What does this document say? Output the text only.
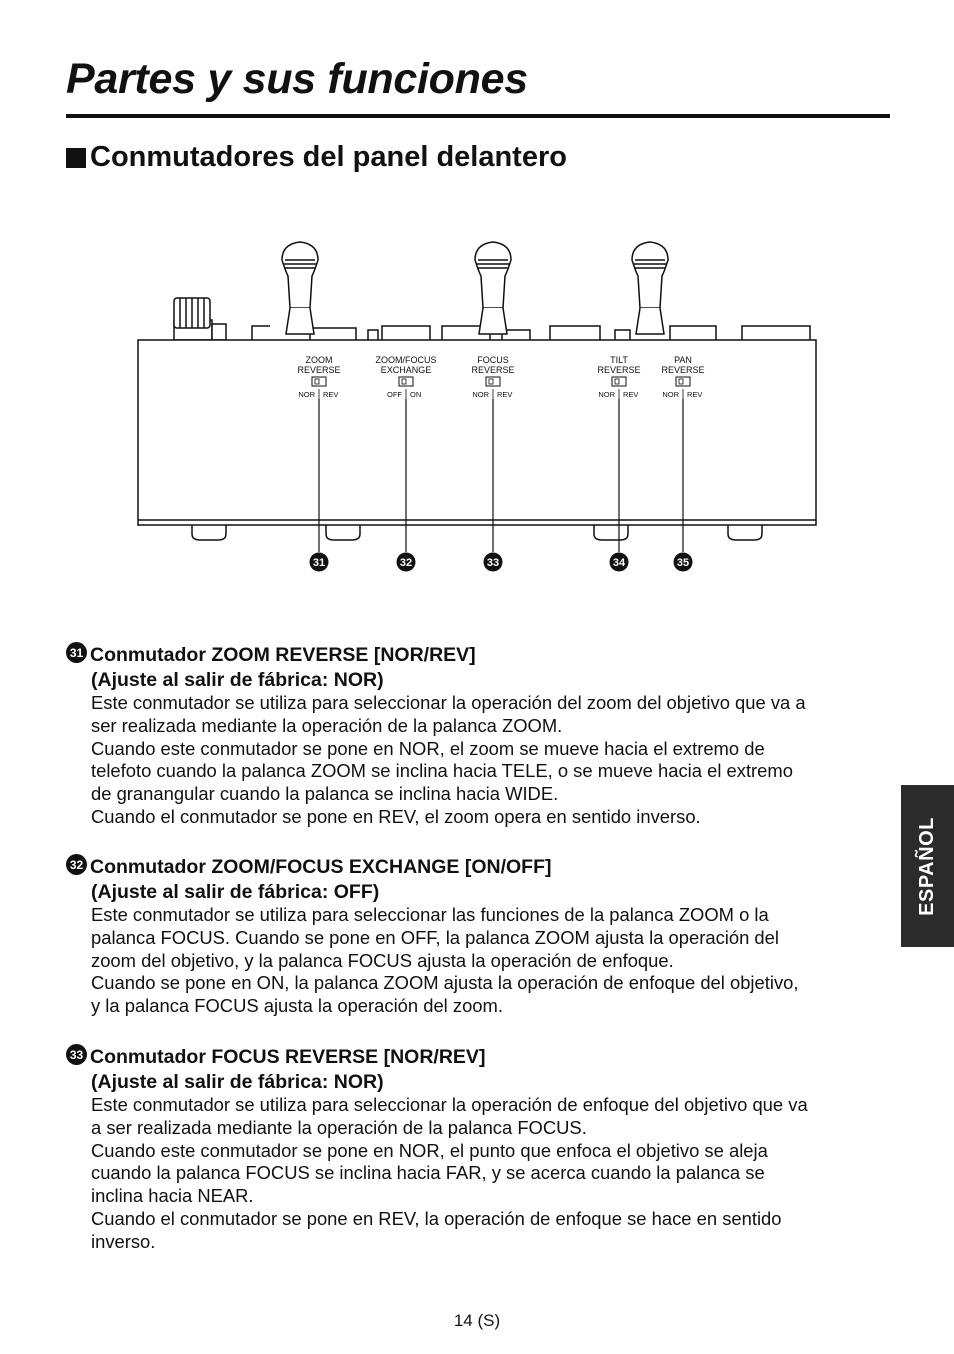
Partes y sus funciones
Conmutadores del panel delantero
ZOOM
REVERSE
NOR REV
31
ZOOM/FOCUS
EXCHANGE
OFF ON
32
FOCUS
REVERSE
NOR REV
33
TILT
REVERSE
NOR REV
34
PAN
REVERSE
NOR REV
35
31 Conmutador ZOOM REVERSE [NOR/REV]
(Ajuste al salir de fábrica: NOR)

Este conmutador se utiliza para seleccionar la operación del zoom del objetivo que va a

ser realizada mediante la operación de la palanca ZOOM.

Cuando este conmutador se pone en NOR, el zoom se mueve hacia el extremo de

telefoto cuando la palanca ZOOM se inclina hacia TELE, o se mueve hacia el extremo

de granangular cuando la palanca se inclina hacia WIDE.

Cuando el conmutador se pone en REV, el zoom opera en sentido inverso.

32 Conmutador ZOOM/FOCUS EXCHANGE [ON/OFF]
(Ajuste al salir de fábrica: OFF)

Este conmutador se utiliza para seleccionar las funciones de la palanca ZOOM o la

palanca FOCUS. Cuando se pone en OFF, la palanca ZOOM ajusta la operación del

zoom del objetivo, y la palanca FOCUS ajusta la operación de enfoque.

Cuando se pone en ON, la palanca ZOOM ajusta la operación de enfoque del objetivo,

y la palanca FOCUS ajusta la operación del zoom.

33 Conmutador FOCUS REVERSE [NOR/REV]
(Ajuste al salir de fábrica: NOR)

Este conmutador se utiliza para seleccionar la operación de enfoque del objetivo que va

a ser realizada mediante la operación de la palanca FOCUS.

Cuando este conmutador se pone en NOR, el punto que enfoca el objetivo se aleja

cuando la palanca FOCUS se inclina hacia FAR, y se acerca cuando la palanca se

inclina hacia NEAR.

Cuando el conmutador se pone en REV, la operación de enfoque se hace en sentido

inverso.

ESPAÑOL
14 (S)
